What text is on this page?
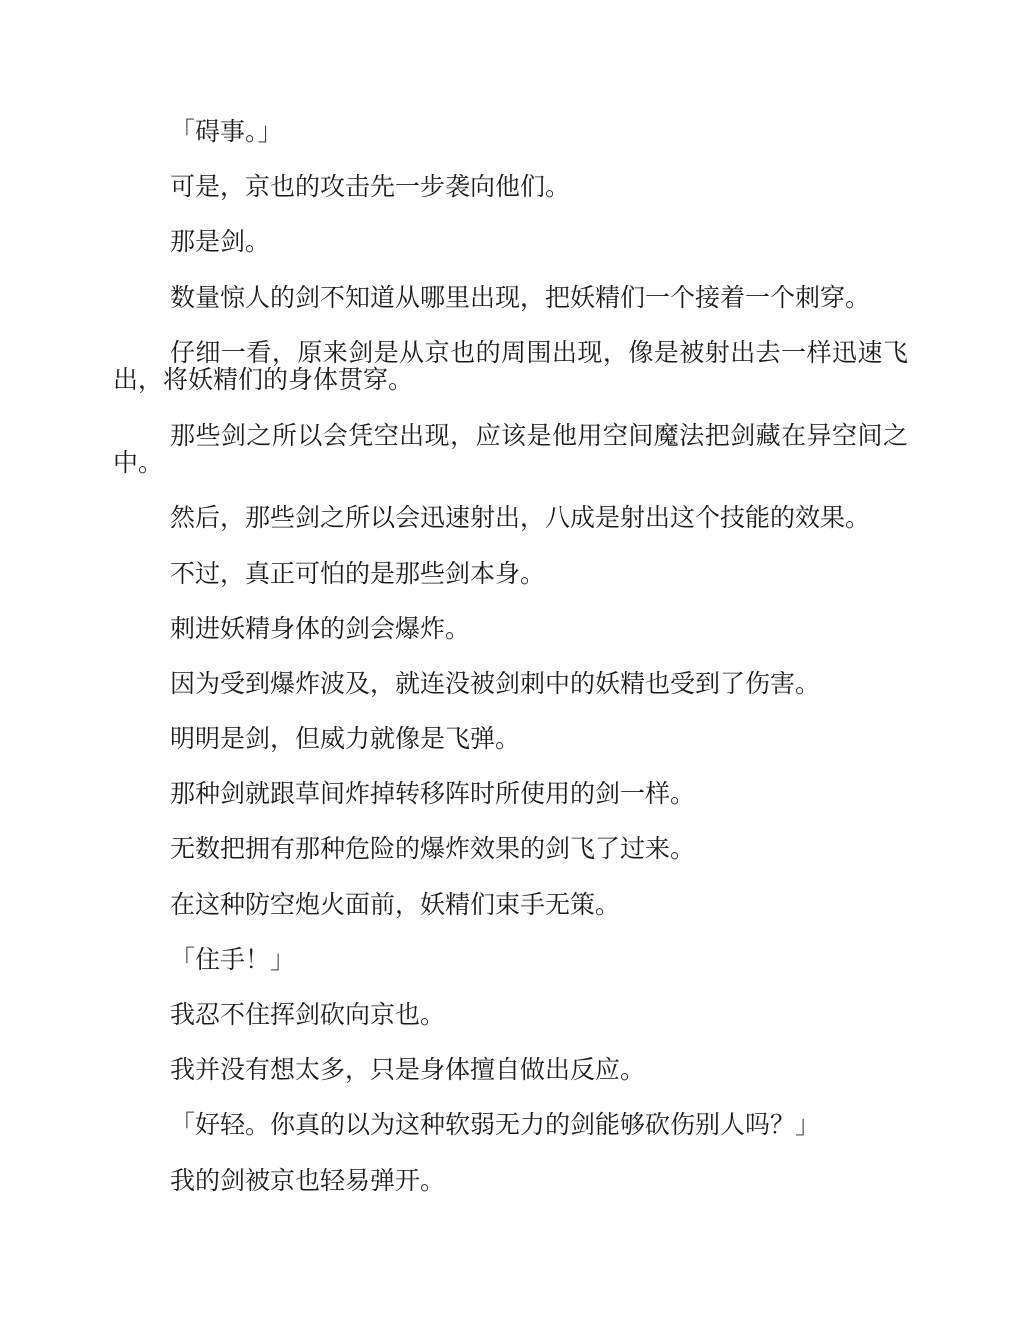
「碍事。」

可是，京也的攻击先一步袭向他们。

那是剑。

数量惊人的剑不知道从哪里出现，把妖精们一个接着一个刺穿。

仔细一看，原来剑是从京也的周围出现，像是被射出去一样迅速飞出，将妖精们的身体贯穿。

那些剑之所以会凭空出现，应该是他用空间魔法把剑藏在异空间之中。

然后，那些剑之所以会迅速射出，八成是射出这个技能的效果。

不过，真正可怕的是那些剑本身。

刺进妖精身体的剑会爆炸。

因为受到爆炸波及，就连没被剑刺中的妖精也受到了伤害。

明明是剑，但威力就像是飞弹。

那种剑就跟草间炸掉转移阵时所使用的剑一样。

无数把拥有那种危险的爆炸效果的剑飞了过来。

在这种防空炮火面前，妖精们束手无策。

「住手！」

我忍不住挥剑砍向京也。

我并没有想太多，只是身体擅自做出反应。

「好轻。你真的以为这种软弱无力的剑能够砍伤别人吗？」

我的剑被京也轻易弹开。
